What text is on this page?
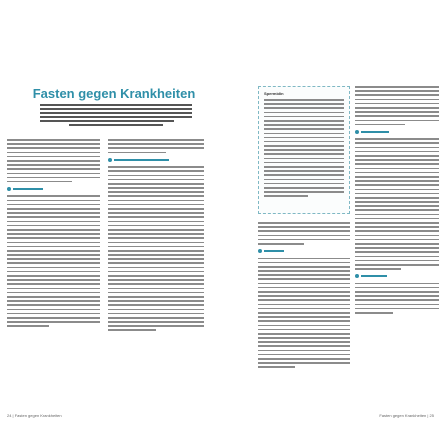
Fasten gegen Krankheiten
24 | Fasten gegen Krankheiten
Spermidin
Fasten gegen Krankheiten | 25
